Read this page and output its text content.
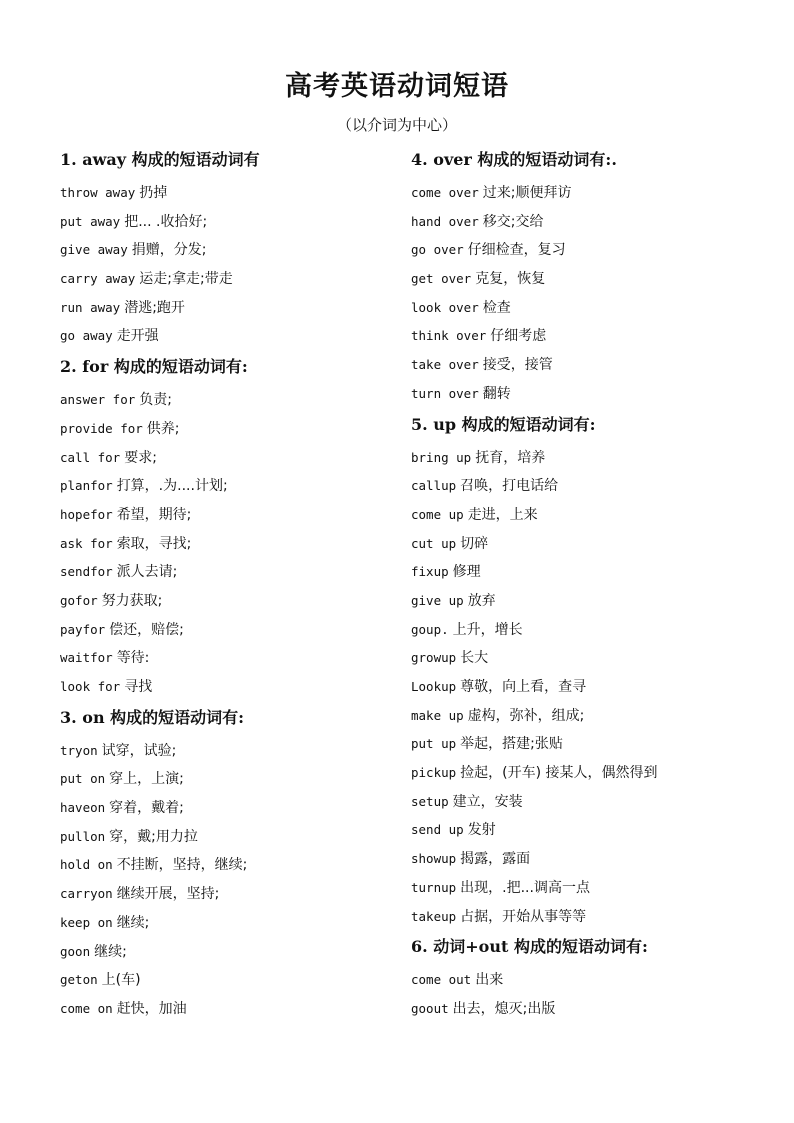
高考英语动词短语
（以介词为中心）
1. away 构成的短语动词有
throw away 扔掉
put away 把... .收拾好;
give away 捐赠，分发;
carry away 运走;拿走;带走
run away 潜逃;跑开
go away 走开强
2. for 构成的短语动词有:
answer for 负责;
provide for 供养;
call for 要求;
planfor 打算，.为....计划;
hopefor 希望，期待;
ask for 索取，寻找;
sendfor 派人去请;
gofor 努力获取;
payfor 偿还，赔偿;
waitfor 等待:
look for 寻找
3. on 构成的短语动词有:
tryon 试穿，试验;
put on 穿上，上演;
haveon 穿着，戴着;
pullon 穿，戴;用力拉
hold on 不挂断，坚持，继续;
carryon 继续开展，坚持;
keep on 继续;
goon 继续;
geton 上(车)
come on 赶快，加油
4. over 构成的短语动词有:.
come over 过来;顺便拜访
hand over 移交;交给
go over 仔细检查，复习
get over 克复，恢复
look over 检查
think over 仔细考虑
take over 接受，接管
turn over 翻转
5. up 构成的短语动词有:
bring up 抚育，培养
callup 召唤，打电话给
come up 走进，上来
cut up 切碎
fixup 修理
give up 放弃
goup. 上升，增长
growup 长大
Lookup 尊敬，向上看，查寻
make up 虚构，弥补，组成;
put up 举起，搭建;张贴
pickup 捡起，(开车) 接某人，偶然得到
setup 建立，安装
send up 发射
showup 揭露，露面
turnup 出现，.把...调高一点
takeup 占据，开始从事等等
6. 动词+out 构成的短语动词有:
come out 出来
goout 出去，熄灭;出版
